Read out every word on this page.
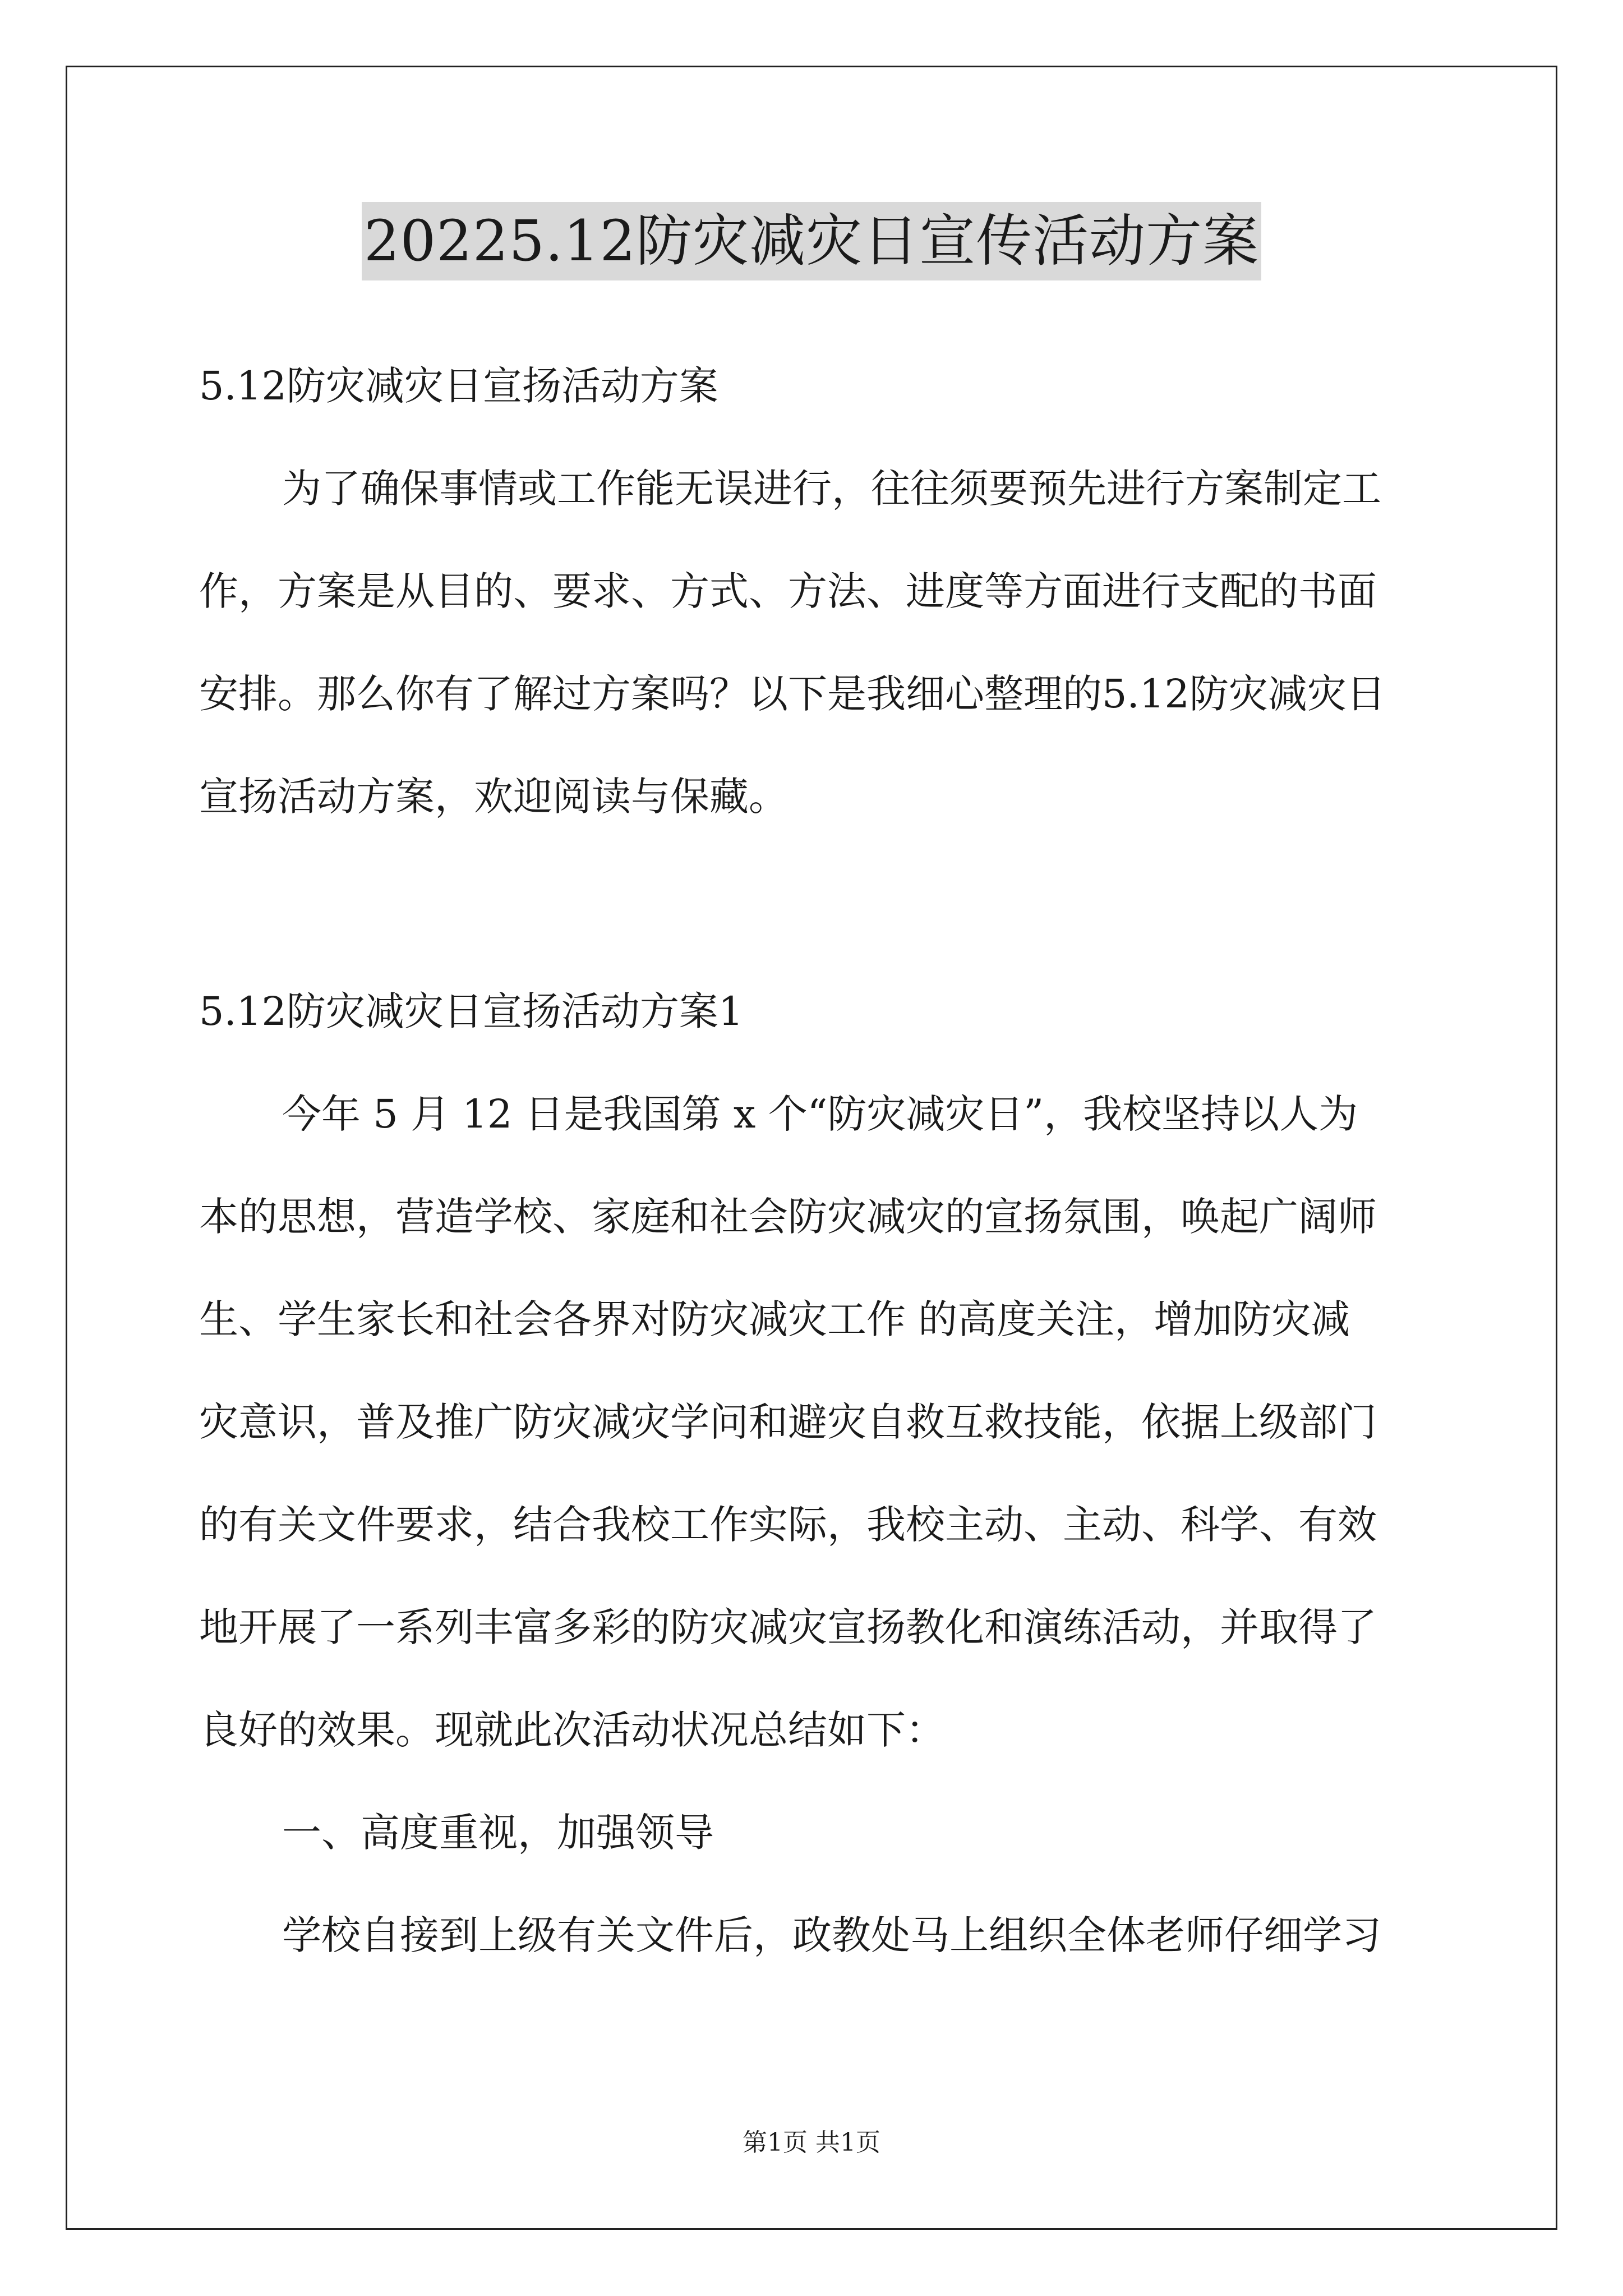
20225.12防灾减灾日宣传活动方案

5.12防灾减灾日宣扬活动方案

为了确保事情或工作能无误进行，往往须要预先进行方案制定工

作，方案是从目的、要求、方式、方法、进度等方面进行支配的书面

安排。那么你有了解过方案吗？以下是我细心整理的5.12防灾减灾日

宣扬活动方案，欢迎阅读与保藏。

5.12防灾减灾日宣扬活动方案1

今年 5 月 12 日是我国第 x 个“防灾减灾日”，我校坚持以人为

本的思想，营造学校、家庭和社会防灾减灾的宣扬氛围，唤起广阔师

生、学生家长和社会各界对防灾减灾工作 的高度关注，增加防灾减

灾意识，普及推广防灾减灾学问和避灾自救互救技能，依据上级部门

的有关文件要求，结合我校工作实际，我校主动、主动、科学、有效

地开展了一系列丰富多彩的防灾减灾宣扬教化和演练活动，并取得了

良好的效果。现就此次活动状况总结如下：

一、高度重视，加强领导

学校自接到上级有关文件后，政教处马上组织全体老师仔细学习

第1页 共1页
